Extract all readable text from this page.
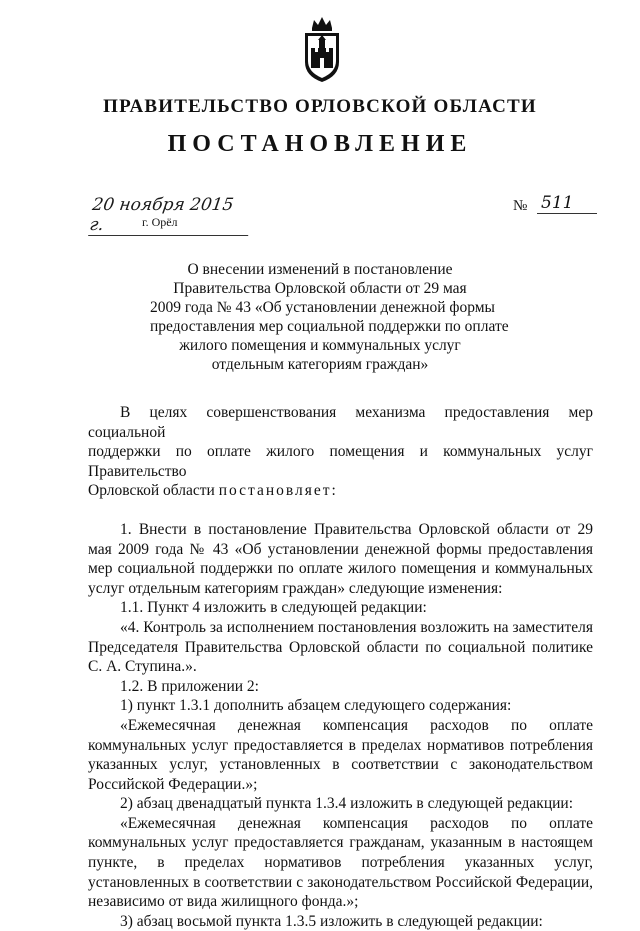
ПРАВИТЕЛЬСТВО ОРЛОВСКОЙ ОБЛАСТИ
ПОСТАНОВЛЕНИЕ
20 ноября 2015 г.	г. Орёл
№ 511
О внесении изменений в постановление
Правительства Орловской области от 29 мая
2009 года № 43 «Об установлении денежной формы
предоставления мер социальной поддержки по оплате
жилого помещения и коммунальных услуг
отдельным категориям граждан»

В целях совершенствования механизма предоставления мер социальной

поддержки по оплате жилого помещения и коммунальных услуг Правительство

Орловской области постановляет:

1. Внести в постановление Правительства Орловской области от 29 мая 2009 года № 43 «Об установлении денежной формы предоставления мер социальной поддержки по оплате жилого помещения и коммунальных услуг отдельным категориям граждан» следующие изменения:

1.1. Пункт 4 изложить в следующей редакции:

«4. Контроль за исполнением постановления возложить на заместителя Председателя Правительства Орловской области по социальной политике С. А. Ступина.».

1.2. В приложении 2:

1) пункт 1.3.1 дополнить абзацем следующего содержания:

«Ежемесячная денежная компенсация расходов по оплате коммунальных услуг предоставляется в пределах нормативов потребления указанных услуг, установленных в соответствии с законодательством Российской Федерации.»;

2) абзац двенадцатый пункта 1.3.4 изложить в следующей редакции:

«Ежемесячная денежная компенсация расходов по оплате коммунальных услуг предоставляется гражданам, указанным в настоящем пункте, в пределах нормативов потребления указанных услуг, установленных в соответствии с законодательством Российской Федерации, независимо от вида жилищного фонда.»;

3) абзац восьмой пункта 1.3.5 изложить в следующей редакции:
